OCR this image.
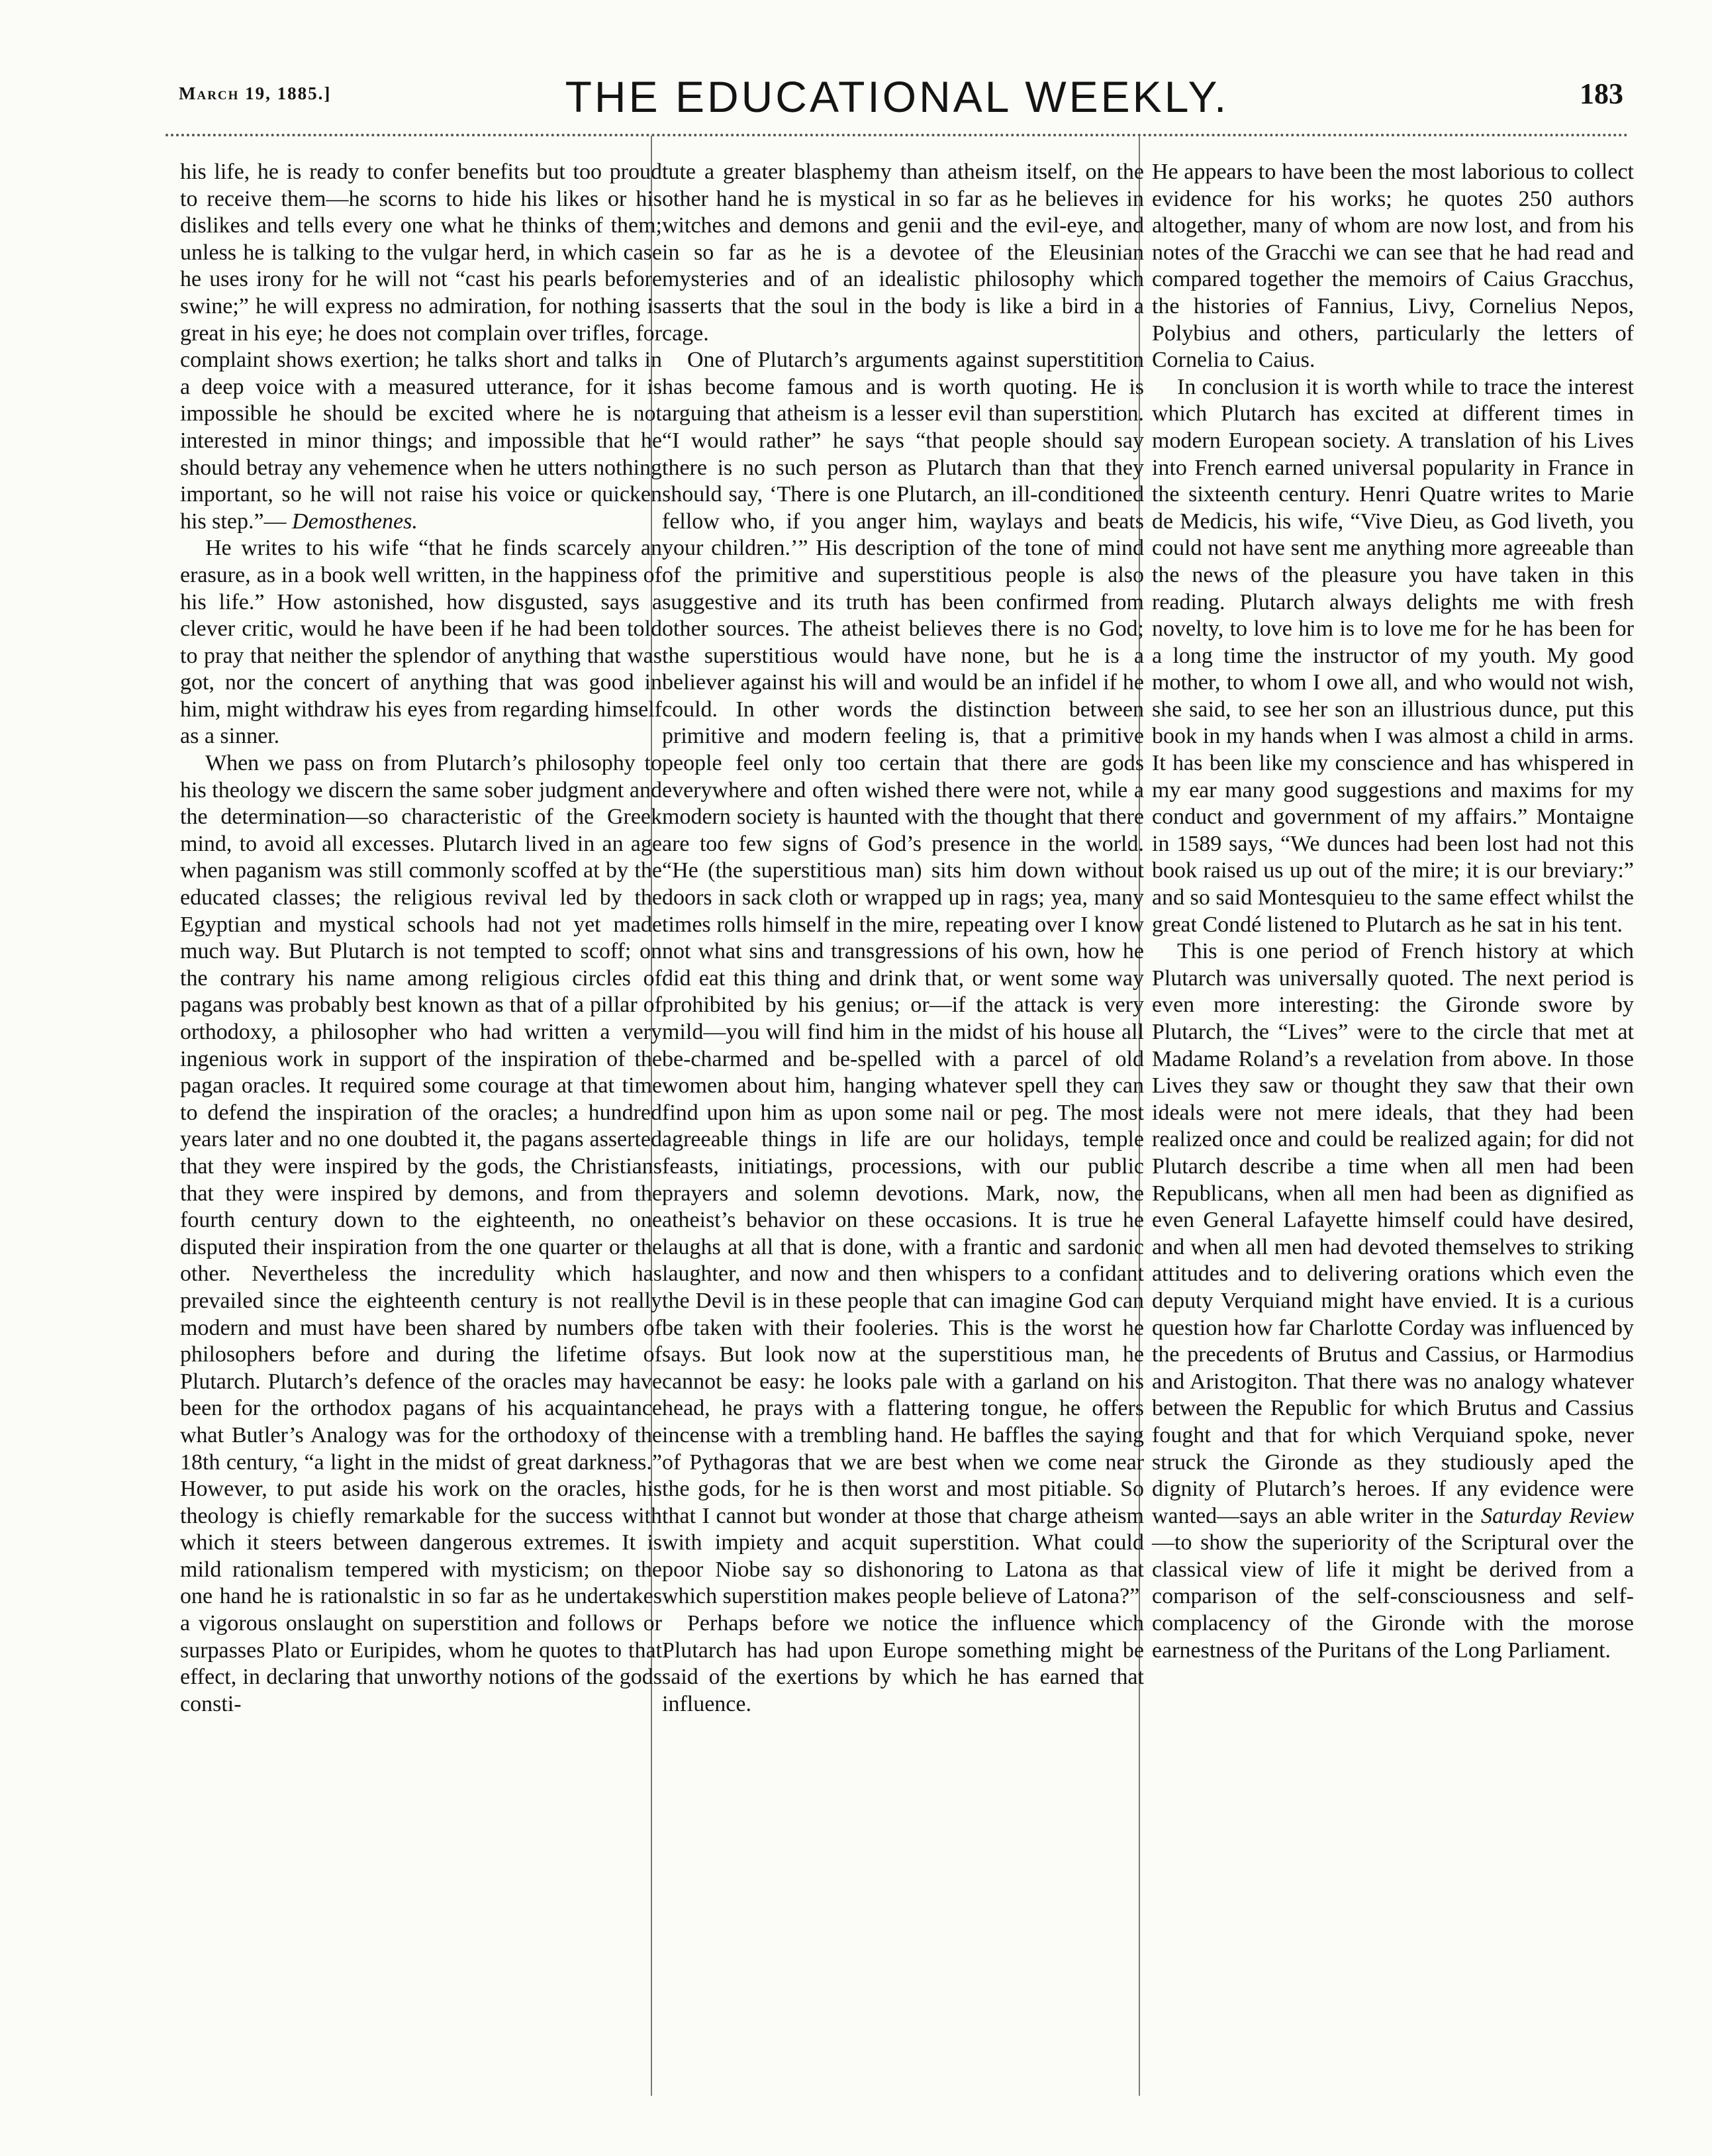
March 19, 1885.]	THE EDUCATIONAL WEEKLY.	183

his life, he is ready to confer benefits but too proud to receive them—he scorns to hide his likes or his dislikes and tells every one what he thinks of them; unless he is talking to the vulgar herd, in which case he uses irony for he will not “cast his pearls before swine;” he will express no admiration, for nothing is great in his eye; he does not complain over trifles, for complaint shows exertion; he talks short and talks in a deep voice with a measured utterance, for it is impossible he should be excited where he is not interested in minor things; and impossible that he should betray any vehemence when he utters nothing important, so he will not raise his voice or quicken his step.”— Demosthenes.

He writes to his wife “that he finds scarcely an erasure, as in a book well written, in the happiness of his life.” How astonished, how disgusted, says a clever critic, would he have been if he had been told to pray that neither the splendor of anything that was got, nor the concert of anything that was good in him, might withdraw his eyes from regarding himself as a sinner.

When we pass on from Plutarch’s philosophy to his theology we discern the same sober judgment and the determination—so characteristic of the Greek mind, to avoid all excesses. Plutarch lived in an age when paganism was still commonly scoffed at by the educated classes; the religious revival led by the Egyptian and mystical schools had not yet made much way. But Plutarch is not tempted to scoff; on the contrary his name among religious circles of pagans was probably best known as that of a pillar of orthodoxy, a philosopher who had written a very ingenious work in support of the inspiration of the pagan oracles. It required some courage at that time to defend the inspiration of the oracles; a hundred years later and no one doubted it, the pagans asserted that they were inspired by the gods, the Christians that they were inspired by demons, and from the fourth century down to the eighteenth, no one disputed their inspiration from the one quarter or the other. Nevertheless the incredulity which has prevailed since the eighteenth century is not really modern and must have been shared by numbers of philosophers before and during the lifetime of Plutarch. Plutarch’s defence of the oracles may have been for the orthodox pagans of his acquaintance what Butler’s Analogy was for the orthodoxy of the 18th century, “a light in the midst of great darkness.” However, to put aside his work on the oracles, his theology is chiefly remarkable for the success with which it steers between dangerous extremes. It is mild rationalism tempered with mysticism; on the one hand he is rationalstic in so far as he undertakes a vigorous onslaught on superstition and follows or surpasses Plato or Euripides, whom he quotes to that effect, in declaring that unworthy notions of the gods consti-

tute a greater blasphemy than atheism itself, on the other hand he is mystical in so far as he believes in witches and demons and genii and the evil-eye, and in so far as he is a devotee of the Eleusinian mysteries and of an idealistic philosophy which asserts that the soul in the body is like a bird in a cage.

One of Plutarch’s arguments against superstitition has become famous and is worth quoting. He is arguing that atheism is a lesser evil than superstition. “I would rather” he says “that people should say there is no such person as Plutarch than that they should say, ‘There is one Plutarch, an ill-conditioned fellow who, if you anger him, waylays and beats your children.’” His description of the tone of mind of the primitive and superstitious people is also suggestive and its truth has been confirmed from other sources. The atheist believes there is no God; the superstitious would have none, but he is a believer against his will and would be an infidel if he could. In other words the distinction between primitive and modern feeling is, that a primitive people feel only too certain that there are gods everywhere and often wished there were not, while a modern society is haunted with the thought that there are too few signs of God’s presence in the world. “He (the superstitious man) sits him down without doors in sack cloth or wrapped up in rags; yea, many times rolls himself in the mire, repeating over I know not what sins and transgressions of his own, how he did eat this thing and drink that, or went some way prohibited by his genius; or—if the attack is very mild—you will find him in the midst of his house all be-charmed and be-spelled with a parcel of old women about him, hanging whatever spell they can find upon him as upon some nail or peg. The most agreeable things in life are our holidays, temple feasts, initiatings, processions, with our public prayers and solemn devotions. Mark, now, the atheist’s behavior on these occasions. It is true he laughs at all that is done, with a frantic and sardonic laughter, and now and then whispers to a confidant the Devil is in these people that can imagine God can be taken with their fooleries. This is the worst he says. But look now at the superstitious man, he cannot be easy: he looks pale with a garland on his head, he prays with a flattering tongue, he offers incense with a trembling hand. He baffles the saying of Pythagoras that we are best when we come near the gods, for he is then worst and most pitiable. So that I cannot but wonder at those that charge atheism with impiety and acquit superstition. What could poor Niobe say so dishonoring to Latona as that which superstition makes people believe of Latona?”

Perhaps before we notice the influence which Plutarch has had upon Europe something might be said of the exertions by which he has earned that influence.

He appears to have been the most laborious to collect evidence for his works; he quotes 250 authors altogether, many of whom are now lost, and from his notes of the Gracchi we can see that he had read and compared together the memoirs of Caius Gracchus, the histories of Fannius, Livy, Cornelius Nepos, Polybius and others, particularly the letters of Cornelia to Caius.

In conclusion it is worth while to trace the interest which Plutarch has excited at different times in modern European society. A translation of his Lives into French earned universal popularity in France in the sixteenth century. Henri Quatre writes to Marie de Medicis, his wife, “Vive Dieu, as God liveth, you could not have sent me anything more agreeable than the news of the pleasure you have taken in this reading. Plutarch always delights me with fresh novelty, to love him is to love me for he has been for a long time the instructor of my youth. My good mother, to whom I owe all, and who would not wish, she said, to see her son an illustrious dunce, put this book in my hands when I was almost a child in arms. It has been like my conscience and has whispered in my ear many good suggestions and maxims for my conduct and government of my affairs.” Montaigne in 1589 says, “We dunces had been lost had not this book raised us up out of the mire; it is our breviary:” and so said Montesquieu to the same effect whilst the great Condé listened to Plutarch as he sat in his tent.

This is one period of French history at which Plutarch was universally quoted. The next period is even more interesting: the Gironde swore by Plutarch, the “Lives” were to the circle that met at Madame Roland’s a revelation from above. In those Lives they saw or thought they saw that their own ideals were not mere ideals, that they had been realized once and could be realized again; for did not Plutarch describe a time when all men had been Republicans, when all men had been as dignified as even General Lafayette himself could have desired, and when all men had devoted themselves to striking attitudes and to delivering orations which even the deputy Verquiand might have envied. It is a curious question how far Charlotte Corday was influenced by the precedents of Brutus and Cassius, or Harmodius and Aristogiton. That there was no analogy whatever between the Republic for which Brutus and Cassius fought and that for which Verquiand spoke, never struck the Gironde as they studiously aped the dignity of Plutarch’s heroes. If any evidence were wanted—says an able writer in the Saturday Review—to show the superiority of the Scriptural over the classical view of life it might be derived from a comparison of the self-consciousness and self-complacency of the Gironde with the morose earnestness of the Puritans of the Long Parliament.
